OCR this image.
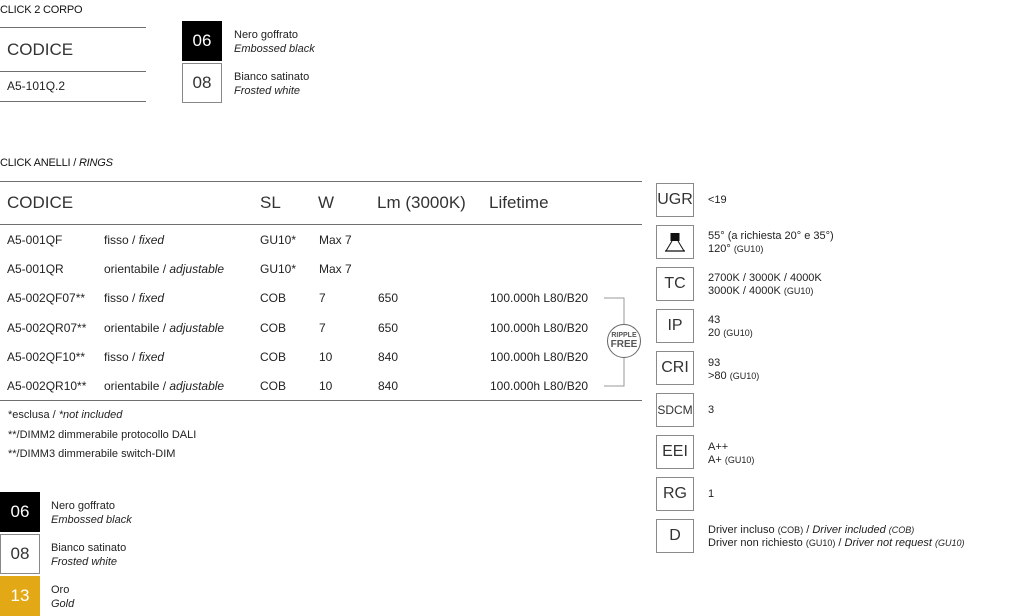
CLICK 2 CORPO
CODICE
A5-101Q.2
06 Nero goffrato
Embossed black
08 Bianco satinato
Frosted white
CLICK ANELLI / RINGS
CODICE	SL W	Lm (3000K) Lifetime
A5-001QF	fisso / fixed	GU10* Max 7
A5-001QR	orientabile / adjustable	GU10* Max 7
A5-002QF07** fisso / fixed	COB	7	650	100.000h L80/B20
A5-002QR07** orientabile / adjustable	COB	7	650	100.000h L80/B20
A5-002QF10** fisso / fixed	COB	10	840	100.000h L80/B20
A5-002QR10** orientabile / adjustable	COB	10	840	100.000h L80/B20
RIPPLE
FREE
*esclusa / *not included
**/DIMM2 dimmerabile protocollo DALI
**/DIMM3 dimmerabile switch-DIM
06 Nero goffrato
Embossed black
08 Bianco satinato
Frosted white
13 Oro
Gold
UGR <19
55° (a richiesta 20° e 35°)
120° (GU10)
TC	2700K / 3000K / 4000K
3000K / 4000K (GU10)
IP	43
20 (GU10)
CRI	93
>80 (GU10)
SDCM 3
EEI	A++
A+ (GU10)
RG	1
D	Driver incluso (COB) / Driver included (COB)
Driver non richiesto (GU10) / Driver not request (GU10)
